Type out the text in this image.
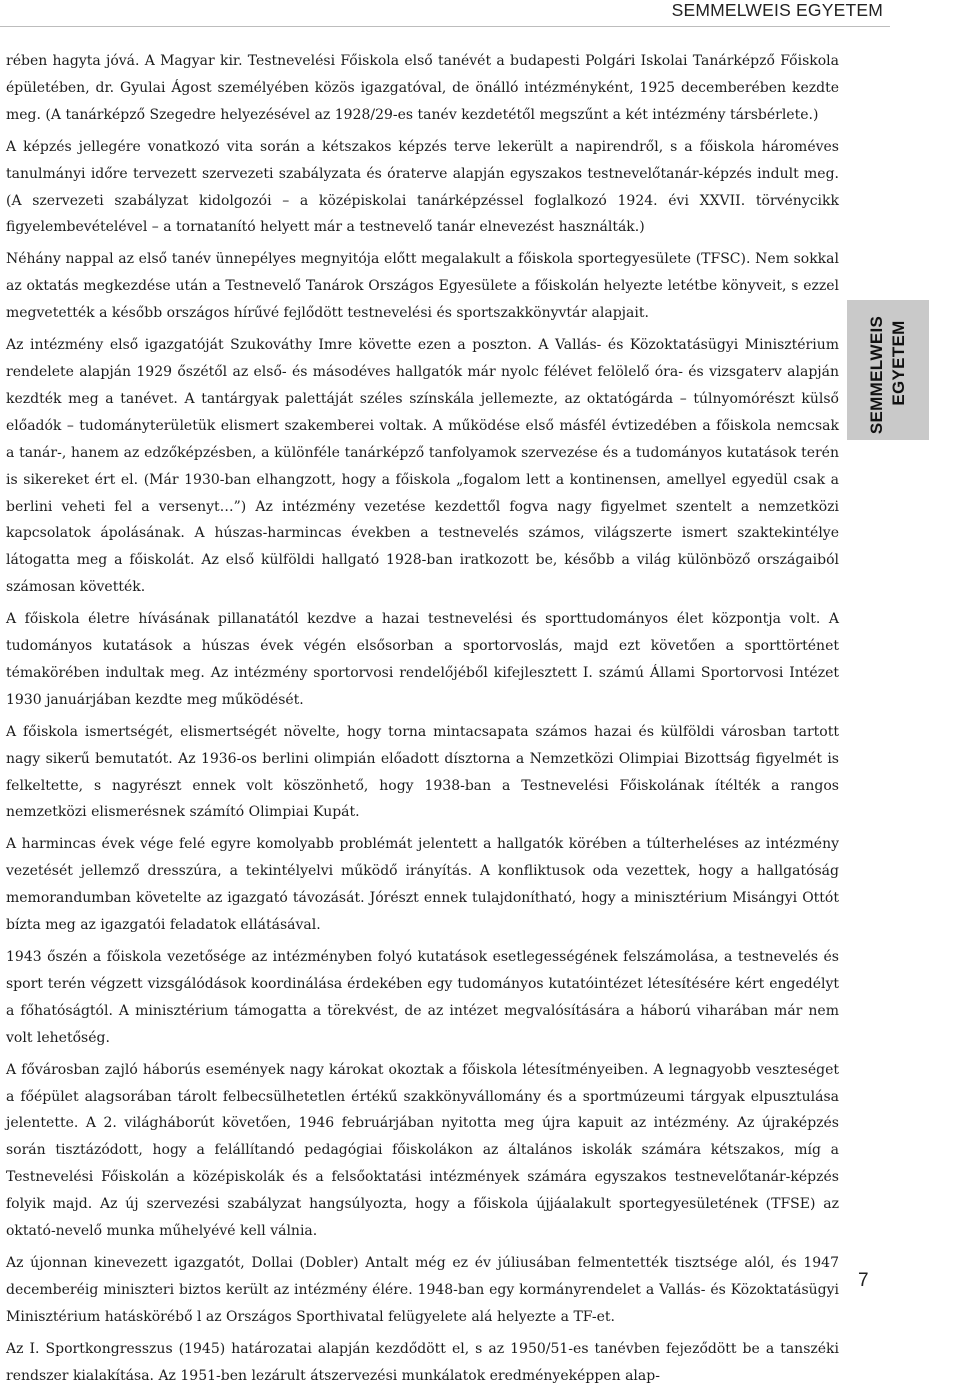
SEMMELWEIS EGYETEM

rében hagyta jóvá. A Magyar kir. Testnevelési Főiskola első tanévét a budapesti Polgári Iskolai Tanárképző Főiskola épületében, dr. Gyulai Ágost személyében közös igazgatóval, de önálló intézményként, 1925 decemberében kezdte meg. (A tanárképző Szegedre helyezésével az 1928/29-es tanév kezdetétől megszűnt a két intézmény társbérlete.)

A képzés jellegére vonatkozó vita során a kétszakos képzés terve lekerült a napirendről, s a főiskola hároméves tanulmányi időre tervezett szervezeti szabályzata és óraterve alapján egyszakos testnevelőtanár-képzés indult meg. (A szervezeti szabályzat kidolgozói – a középiskolai tanárképzéssel foglalkozó 1924. évi XXVII. törvénycikk figyelembevételével – a tornatanító helyett már a testnevelő tanár elnevezést használták.)

Néhány nappal az első tanév ünnepélyes megnyitója előtt megalakult a főiskola sportegyesülete (TFSC). Nem sokkal az oktatás megkezdése után a Testnevelő Tanárok Országos Egyesülete a főiskolán helyezte letétbe könyveit, s ezzel megvetették a később országos hírűvé fejlődött testnevelési és sportszakkönyvtár alapjait.

Az intézmény első igazgatóját Szukováthy Imre követte ezen a poszton. A Vallás- és Közoktatásügyi Minisztérium rendelete alapján 1929 őszétől az első- és másodéves hallgatók már nyolc félévet felölelő óra- és vizsgaterv alapján kezdték meg a tanévet. A tantárgyak palettáját széles színskála jellemezte, az oktatógárda – túlnyomórészt külső előadók – tudományterületük elismert szakemberei voltak. A működése első másfél évtizedében a főiskola nemcsak a tanár-, hanem az edzőképzésben, a különféle tanárképző tanfolyamok szervezése és a tudományos kutatások terén is sikereket ért el. (Már 1930-ban elhangzott, hogy a főiskola „fogalom lett a kontinensen, amellyel egyedül csak a berlini veheti fel a versenyt…”) Az intézmény vezetése kezdettől fogva nagy figyelmet szentelt a nemzetközi kapcsolatok ápolásának. A húszas-harmincas években a testnevelés számos, világszerte ismert szaktekintélye látogatta meg a főiskolát. Az első külföldi hallgató 1928-ban iratkozott be, később a világ különböző országaiból számosan követték.

A főiskola életre hívásának pillanatától kezdve a hazai testnevelési és sporttudományos élet központja volt. A tudományos kutatások a húszas évek végén elsősorban a sportorvoslás, majd ezt követően a sporttörténet témakörében indultak meg. Az intézmény sportorvosi rendelőjéből kifejlesztett I. számú Állami Sportorvosi Intézet 1930 januárjában kezdte meg működését.

A főiskola ismertségét, elismertségét növelte, hogy torna mintacsapata számos hazai és külföldi városban tartott nagy sikerű bemutatót. Az 1936-os berlini olimpián előadott dísztorna a Nemzetközi Olimpiai Bizottság figyelmét is felkeltette, s nagyrészt ennek volt köszönhető, hogy 1938-ban a Testnevelési Főiskolának ítélték a rangos nemzetközi elismerésnek számító Olimpiai Kupát.

A harmincas évek vége felé egyre komolyabb problémát jelentett a hallgatók körében a túlterheléses az intézmény vezetését jellemző dresszúra, a tekintélyelvi működő irányítás. A konfliktusok oda vezettek, hogy a hallgatóság memorandumban követelte az igazgató távozását. Jórészt ennek tulajdonítható, hogy a minisztérium Misángyi Ottót bízta meg az igazgatói feladatok ellátásával.

1943 őszén a főiskola vezetősége az intézményben folyó kutatások esetlegességének felszámolása, a testnevelés és sport terén végzett vizsgálódások koordinálása érdekében egy tudományos kutatóintézet létesítésére kért engedélyt a főhatóságtól. A minisztérium támogatta a törekvést, de az intézet megvalósítására a háború viharában már nem volt lehetőség.

A fővárosban zajló háborús események nagy károkat okoztak a főiskola létesítményeiben. A legnagyobb veszteséget a főépület alagsorában tárolt felbecsülhetetlen értékű szakkönyvállomány és a sportmúzeumi tárgyak elpusztulása jelentette. A 2. világháborút követően, 1946 februárjában nyitotta meg újra kapuit az intézmény. Az újraképzés során tisztázódott, hogy a felállítandó pedagógiai főiskolákon az általános iskolák számára kétszakos, míg a Testnevelési Főiskolán a középiskolák és a felsőoktatási intézmények számára egyszakos testnevelőtanár-képzés folyik majd. Az új szervezési szabályzat hangsúlyozta, hogy a főiskola újjáalakult sportegyesületének (TFSE) az oktató-nevelő munka műhelyévé kell válnia.

Az újonnan kinevezett igazgatót, Dollai (Dobler) Antalt még ez év júliusában felmentették tisztsége alól, és 1947 decemberéig miniszteri biztos került az intézmény élére. 1948-ban egy kormányrendelet a Vallás- és Közoktatásügyi Minisztérium hatáskörébő l az Országos Sporthivatal felügyelete alá helyezte a TF-et.

Az I. Sportkongresszus (1945) határozatai alapján kezdődött el, s az 1950/51-es tanévben fejeződött be a tanszéki rendszer kialakítása. Az 1951-ben lezárult átszervezési munkálatok eredményeképpen alap-

SEMMELWEIS EGYETEM
7
